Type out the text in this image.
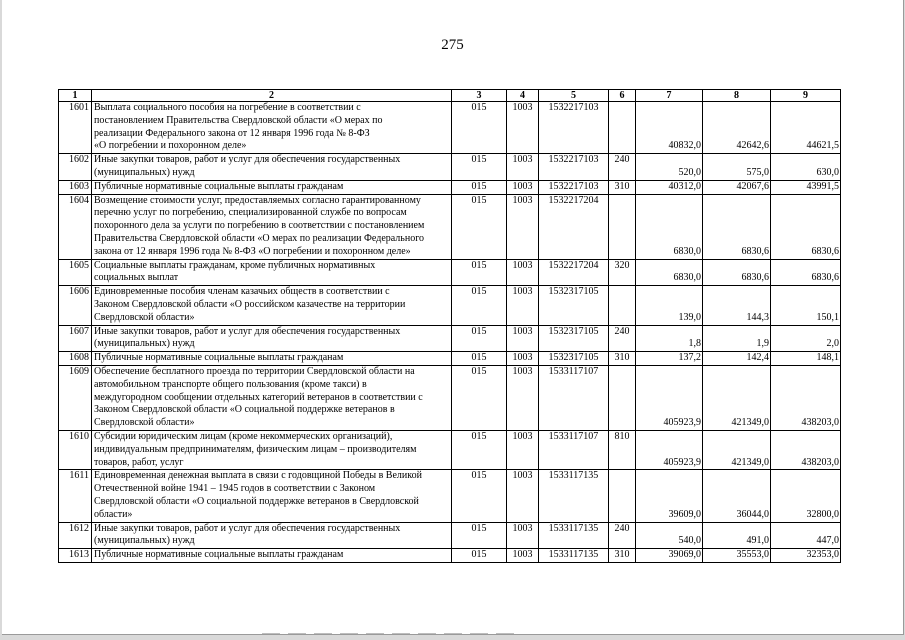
275
1	2	3	4	5	6	7	8	9
1601	Выплата социального пособия на погребение в соответствии с
постановлением Правительства Свердловской области «О мерах по
реализации Федерального закона от 12 января 1996 года № 8-ФЗ
«О погребении и похоронном деле»	015	1003	1532217103		40832,0	42642,6	44621,5
1602	Иные закупки товаров, работ и услуг для обеспечения государственных
(муниципальных) нужд	015	1003	1532217103	240	520,0	575,0	630,0
1603	Публичные нормативные социальные выплаты гражданам	015	1003	1532217103	310	40312,0	42067,6	43991,5
1604	Возмещение стоимости услуг, предоставляемых согласно гарантированному
перечню услуг по погребению, специализированной службе по вопросам
похоронного дела за услуги по погребению в соответствии с постановлением
Правительства Свердловской области «О мерах по реализации Федерального
закона от 12 января 1996 года № 8-ФЗ «О погребении и похоронном деле»	015	1003	1532217204		6830,0	6830,6	6830,6
1605	Социальные выплаты гражданам, кроме публичных нормативных
социальных выплат	015	1003	1532217204	320	6830,0	6830,6	6830,6
1606	Единовременные пособия членам казачьих обществ в соответствии с
Законом Свердловской области «О российском казачестве на территории
Свердловской области»	015	1003	1532317105		139,0	144,3	150,1
1607	Иные закупки товаров, работ и услуг для обеспечения государственных
(муниципальных) нужд	015	1003	1532317105	240	1,8	1,9	2,0
1608	Публичные нормативные социальные выплаты гражданам	015	1003	1532317105	310	137,2	142,4	148,1
1609	Обеспечение бесплатного проезда по территории Свердловской области на
автомобильном транспорте общего пользования (кроме такси) в
междугородном сообщении отдельных категорий ветеранов в соответствии с
Законом Свердловской области «О социальной поддержке ветеранов в
Свердловской области»	015	1003	1533117107		405923,9	421349,0	438203,0
1610	Субсидии юридическим лицам (кроме некоммерческих организаций),
индивидуальным предпринимателям, физическим лицам – производителям
товаров, работ, услуг	015	1003	1533117107	810	405923,9	421349,0	438203,0
1611	Единовременная денежная выплата в связи с годовщиной Победы в Великой
Отечественной войне 1941 – 1945 годов в соответствии с Законом
Свердловской области «О социальной поддержке ветеранов в Свердловской
области»	015	1003	1533117135		39609,0	36044,0	32800,0
1612	Иные закупки товаров, работ и услуг для обеспечения государственных
(муниципальных) нужд	015	1003	1533117135	240	540,0	491,0	447,0
1613	Публичные нормативные социальные выплаты гражданам	015	1003	1533117135	310	39069,0	35553,0	32353,0
